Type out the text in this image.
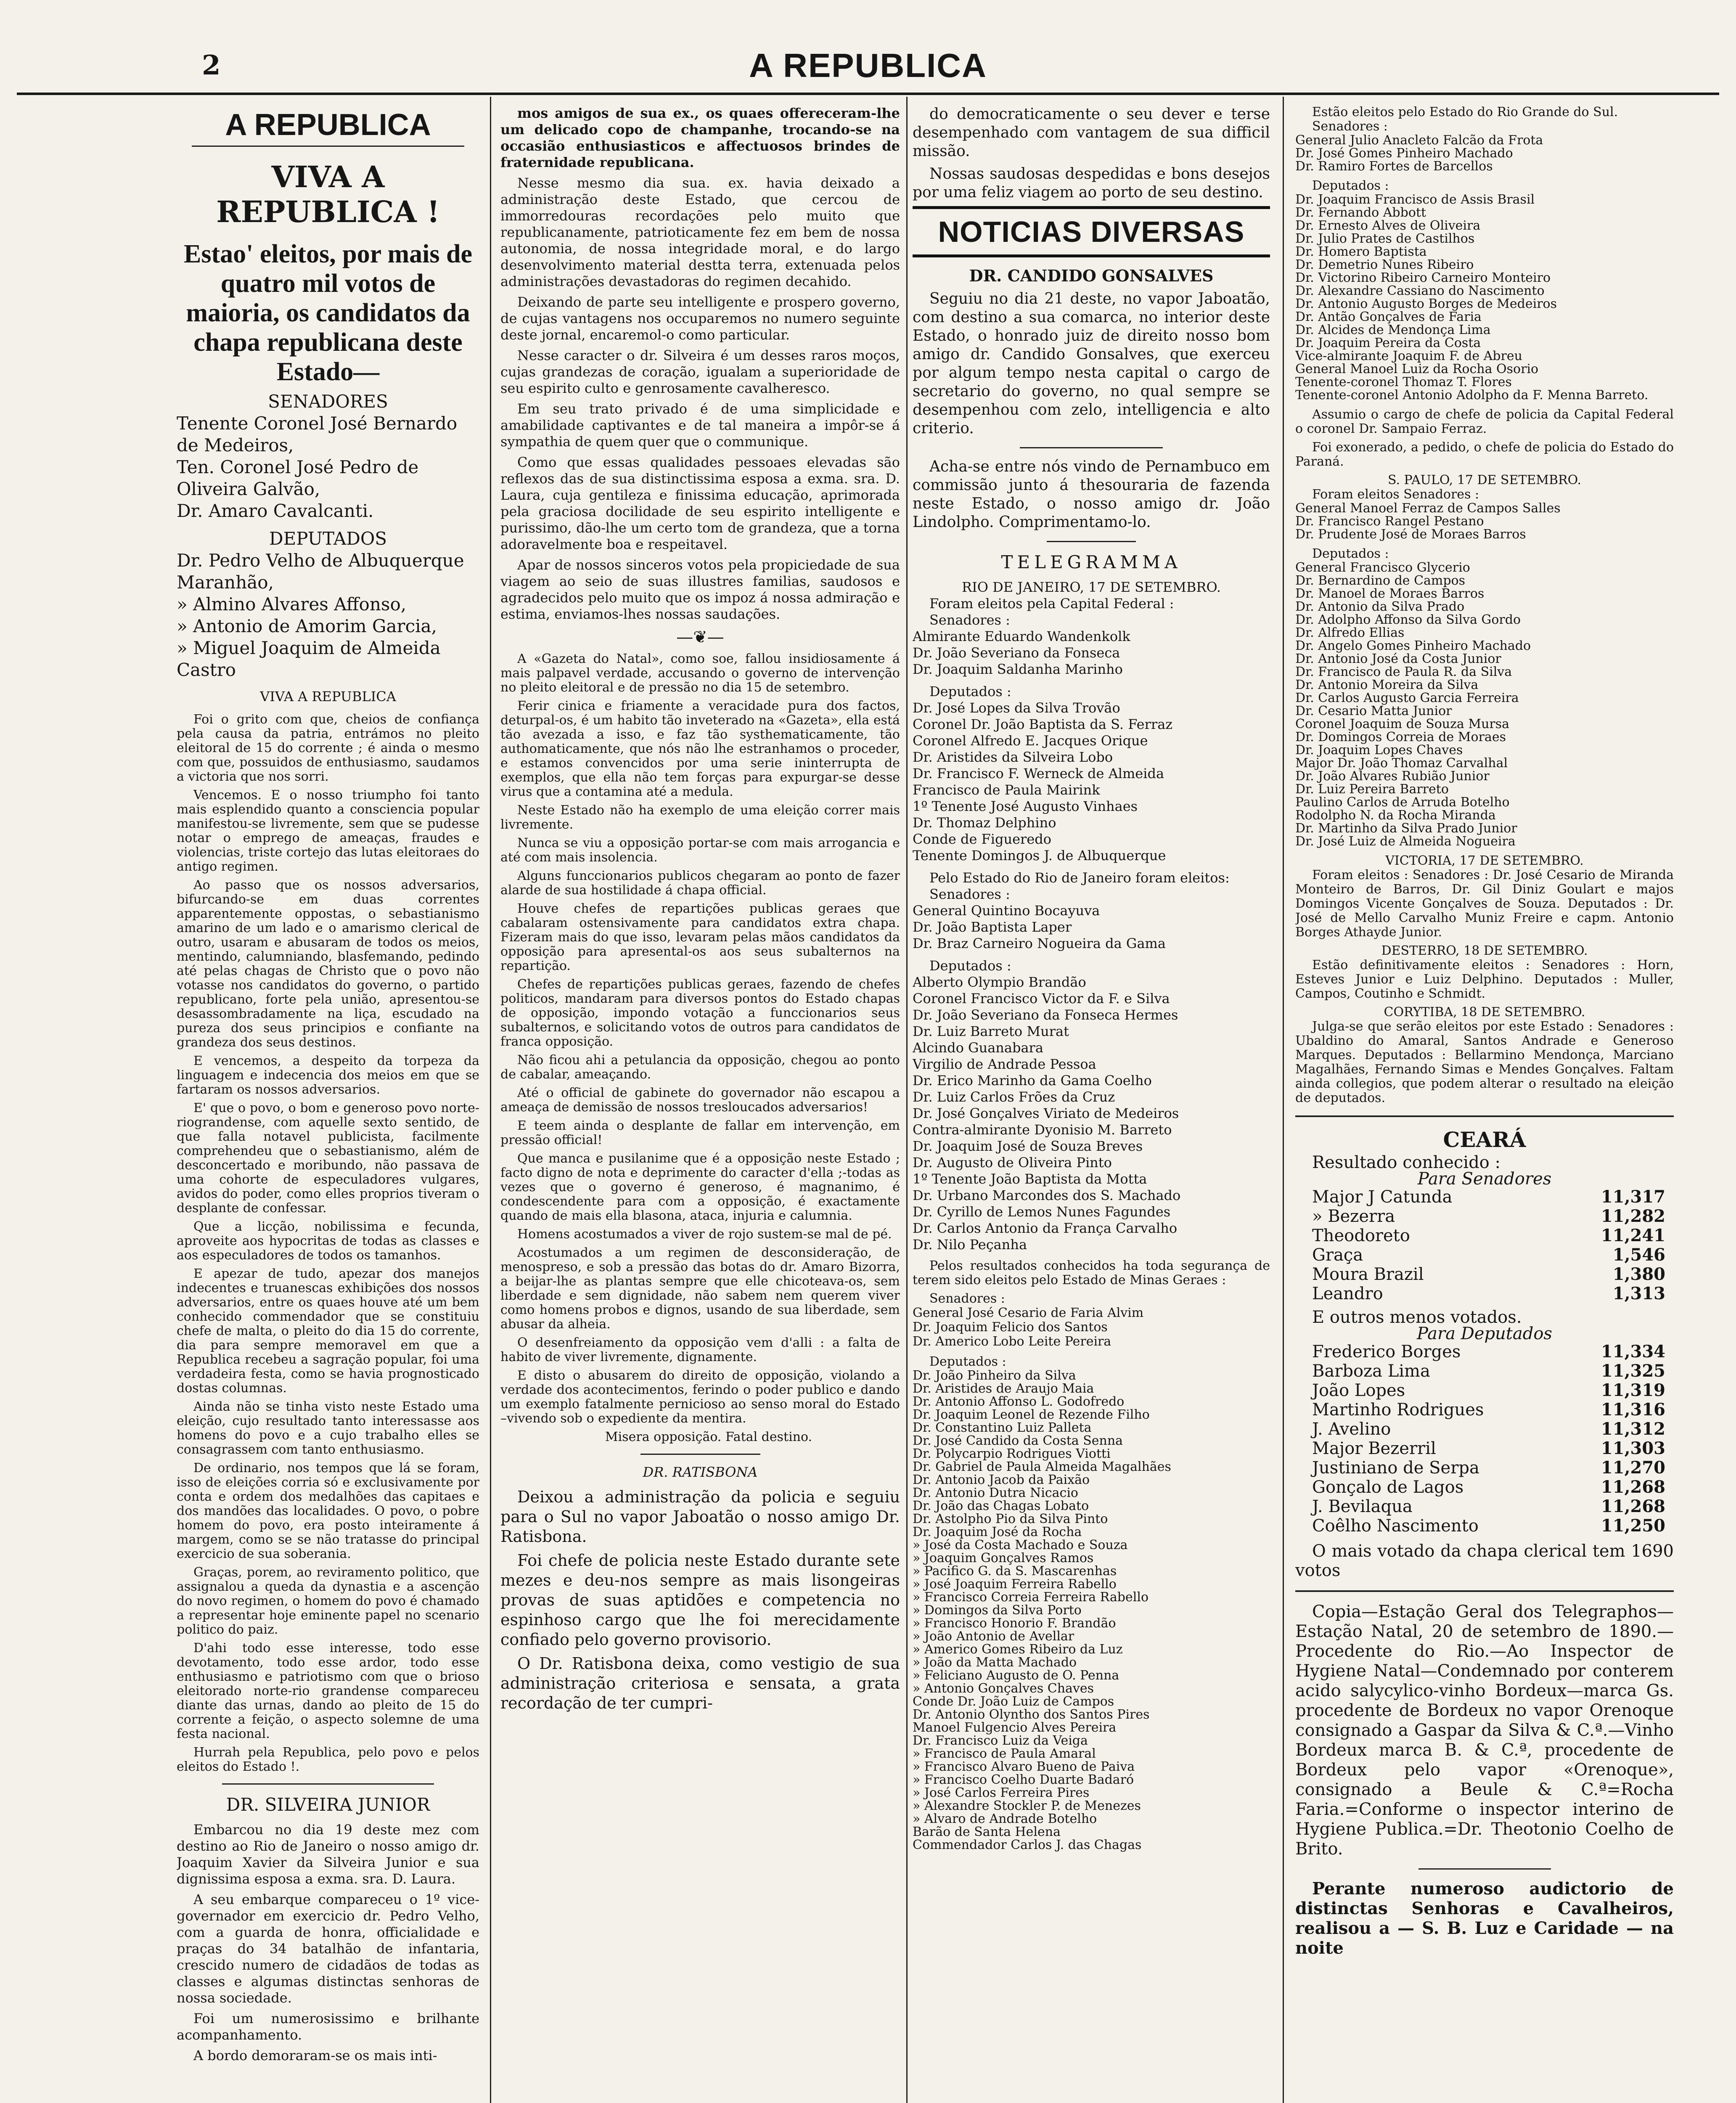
2	A REPUBLICA
A REPUBLICA
VIVA A REPUBLICA !

Estao' eleitos, por mais de quatro mil votos de maioria, os candidatos da chapa republicana deste Estado—

SENADORES
Tenente Coronel José Bernardo de Medeiros,
Ten. Coronel José Pedro de Oliveira Galvão,
Dr. Amaro Cavalcanti.
DEPUTADOS
Dr. Pedro Velho de Albuquerque Maranhão,
» Almino Alvares Affonso,
» Antonio de Amorim Garcia,
» Miguel Joaquim de Almeida Castro
VIVA A REPUBLICA

Foi o grito com que, cheios de confiança pela causa da patria, entrámos no pleito eleitoral de 15 do corrente ; é ainda o mesmo com que, possuidos de enthusiasmo, saudamos a victoria que nos sorri.

Vencemos. E o nosso triumpho foi tanto mais esplendido quanto a consciencia popular manifestou-se livremente, sem que se pudesse notar o emprego de ameaças, fraudes e violencias, triste cortejo das lutas eleitoraes do antigo regimen.

Ao passo que os nossos adversarios, bifurcando-se em duas correntes apparentemente oppostas, o sebastianismo amarino de um lado e o amarismo clerical de outro, usaram e abusaram de todos os meios, mentindo, calumniando, blasfemando, pedindo até pelas chagas de Christo que o povo não votasse nos candidatos do governo, o partido republicano, forte pela união, apresentou-se desassombradamente na liça, escudado na pureza dos seus principios e confiante na grandeza dos seus destinos.

E vencemos, a despeito da torpeza da linguagem e indecencia dos meios em que se fartaram os nossos adversarios.

E' que o povo, o bom e generoso povo norte-riograndense, com aquelle sexto sentido, de que falla notavel publicista, facilmente comprehendeu que o sebastianismo, além de desconcertado e moribundo, não passava de uma cohorte de especuladores vulgares, avidos do poder, como elles proprios tiveram o desplante de confessar.

Que a licção, nobilissima e fecunda, aproveite aos hypocritas de todas as classes e aos especuladores de todos os tamanhos.

E apezar de tudo, apezar dos manejos indecentes e truanescas exhibições dos nossos adversarios, entre os quaes houve até um bem conhecido commendador que se constituiu chefe de malta, o pleito do dia 15 do corrente, dia para sempre memoravel em que a Republica recebeu a sagração popular, foi uma verdadeira festa, como se havia prognosticado dostas columnas.

Ainda não se tinha visto neste Estado uma eleição, cujo resultado tanto interessasse aos homens do povo e a cujo trabalho elles se consagrassem com tanto enthusiasmo.

De ordinario, nos tempos que lá se foram, isso de eleições corria só e exclusivamente por conta e ordem dos medalhões das capitaes e dos mandões das localidades. O povo, o pobre homem do povo, era posto inteiramente á margem, como se se não tratasse do principal exercicio de sua soberania.

Graças, porem, ao reviramento politico, que assignalou a queda da dynastia e a ascenção do novo regimen, o homem do povo é chamado a representar hoje eminente papel no scenario politico do paiz.

D'ahi todo esse interesse, todo esse devotamento, todo esse ardor, todo esse enthusiasmo e patriotismo com que o brioso eleitorado norte-rio grandense compareceu diante das urnas, dando ao pleito de 15 do corrente a feição, o aspecto solemne de uma festa nacional.

Hurrah pela Republica, pelo povo e pelos eleitos do Estado !.

DR. SILVEIRA JUNIOR

Embarcou no dia 19 deste mez com destino ao Rio de Janeiro o nosso amigo dr. Joaquim Xavier da Silveira Junior e sua dignissima esposa a exma. sra. D. Laura.

A seu embarque compareceu o 1º vice-governador em exercicio dr. Pedro Velho, com a guarda de honra, officialidade e praças do 34 batalhão de infantaria, crescido numero de cidadãos de todas as classes e algumas distinctas senhoras de nossa sociedade.

Foi um numerosissimo e brilhante acompanhamento.

A bordo demoraram-se os mais inti-

mos amigos de sua ex., os quaes offereceram-lhe um delicado copo de champanhe, trocando-se na occasião enthusiasticos e affectuosos brindes de fraternidade republicana.

Nesse mesmo dia sua. ex. havia deixado a administração deste Estado, que cercou de immorredouras recordações pelo muito que republicanamente, patrioticamente fez em bem de nossa autonomia, de nossa integridade moral, e do largo desenvolvimento material destta terra, extenuada pelos administrações devastadoras do regimen decahido.

Deixando de parte seu intelligente e prospero governo, de cujas vantagens nos occuparemos no numero seguinte deste jornal, encaremol-o como particular.

Nesse caracter o dr. Silveira é um desses raros moços, cujas grandezas de coração, igualam a superioridade de seu espirito culto e genrosamente cavalheresco.

Em seu trato privado é de uma simplicidade e amabilidade captivantes e de tal maneira a impôr-se á sympathia de quem quer que o communique.

Como que essas qualidades pessoaes elevadas são reflexos das de sua distinctissima esposa a exma. sra. D. Laura, cuja gentileza e finissima educação, aprimorada pela graciosa docilidade de seu espirito intelligente e purissimo, dão-lhe um certo tom de grandeza, que a torna adoravelmente boa e respeitavel.

Apar de nossos sinceros votos pela propiciedade de sua viagem ao seio de suas illustres familias, saudosos e agradecidos pelo muito que os impoz á nossa admiração e estima, enviamos-lhes nossas saudações.

—❦—

A «Gazeta do Natal», como soe, fallou insidiosamente á mais palpavel verdade, accusando o governo de intervenção no pleito eleitoral e de pressão no dia 15 de setembro.

Ferir cinica e friamente a veracidade pura dos factos, deturpal-os, é um habito tão inveterado na «Gazeta», ella está tão avezada a isso, e faz tão systhematicamente, tão authomaticamente, que nós não lhe estranhamos o proceder, e estamos convencidos por uma serie ininterrupta de exemplos, que ella não tem forças para expurgar-se desse virus que a contamina até a medula.

Neste Estado não ha exemplo de uma eleição correr mais livremente.

Nunca se viu a opposição portar-se com mais arrogancia e até com mais insolencia.

Alguns funccionarios publicos chegaram ao ponto de fazer alarde de sua hostilidade á chapa official.

Houve chefes de repartições publicas geraes que cabalaram ostensivamente para candidatos extra chapa. Fizeram mais do que isso, levaram pelas mãos candidatos da opposição para apresental-os aos seus subalternos na repartição.

Chefes de repartições publicas geraes, fazendo de chefes politicos, mandaram para diversos pontos do Estado chapas de opposição, impondo votação a funccionarios seus subalternos, e solicitando votos de outros para candidatos de franca opposição.

Não ficou ahi a petulancia da opposição, chegou ao ponto de cabalar, ameaçando.

Até o official de gabinete do governador não escapou a ameaça de demissão de nossos tresloucados adversarios!

E teem ainda o desplante de fallar em intervenção, em pressão official!

Que manca e pusilanime que é a opposição neste Estado ; facto digno de nota e deprimente do caracter d'ella ;-todas as vezes que o governo é generoso, é magnanimo, é condescendente para com a opposição, é exactamente quando de mais ella blasona, ataca, injuria e calumnia.

Homens acostumados a viver de rojo sustem-se mal de pé.

Acostumados a um regimen de desconsideração, de menospreso, e sob a pressão das botas do dr. Amaro Bizorra, a beijar-lhe as plantas sempre que elle chicoteava-os, sem liberdade e sem dignidade, não sabem nem querem viver como homens probos e dignos, usando de sua liberdade, sem abusar da alheia.

O desenfreiamento da opposição vem d'alli : a falta de habito de viver livremente, dignamente.

E disto o abusarem do direito de opposição, violando a verdade dos acontecimentos, ferindo o poder publico e dando um exemplo fatalmente pernicioso ao senso moral do Estado –vivendo sob o expediente da mentira.

Misera opposição. Fatal destino.

DR. RATISBONA

Deixou a administração da policia e seguiu para o Sul no vapor Jaboatão o nosso amigo Dr. Ratisbona.

Foi chefe de policia neste Estado durante sete mezes e deu-nos sempre as mais lisongeiras provas de suas aptidões e competencia no espinhoso cargo que lhe foi merecidamente confiado pelo governo provisorio.

O Dr. Ratisbona deixa, como vestigio de sua administração criteriosa e sensata, a grata recordação de ter cumpri-

do democraticamente o seu dever e terse desempenhado com vantagem de sua difficil missão.

Nossas saudosas despedidas e bons desejos por uma feliz viagem ao porto de seu destino.

NOTICIAS DIVERSAS
DR. CANDIDO GONSALVES

Seguiu no dia 21 deste, no vapor Jaboatão, com destino a sua comarca, no interior deste Estado, o honrado juiz de direito nosso bom amigo dr. Candido Gonsalves, que exerceu por algum tempo nesta capital o cargo de secretario do governo, no qual sempre se desempenhou com zelo, intelligencia e alto criterio.

Acha-se entre nós vindo de Pernambuco em commissão junto á thesouraria de fazenda neste Estado, o nosso amigo dr. João Lindolpho. Comprimentamo-lo.

TELEGRAMMA
RIO DE JANEIRO, 17 DE SETEMBRO.
Foram eleitos pela Capital Federal :
Senadores :
Almirante Eduardo Wandenkolk
Dr. João Severiano da Fonseca
Dr. Joaquim Saldanha Marinho
Deputados :
Dr. José Lopes da Silva Trovão
Coronel Dr. João Baptista da S. Ferraz
Coronel Alfredo E. Jacques Orique
Dr. Aristides da Silveira Lobo
Dr. Francisco F. Werneck de Almeida
Francisco de Paula Mairink
1º Tenente José Augusto Vinhaes
Dr. Thomaz Delphino
Conde de Figueredo
Tenente Domingos J. de Albuquerque
Pelo Estado do Rio de Janeiro foram eleitos:
Senadores :
General Quintino Bocayuva
Dr. João Baptista Laper
Dr. Braz Carneiro Nogueira da Gama
Deputados :
Alberto Olympio Brandão
Coronel Francisco Victor da F. e Silva
Dr. João Severiano da Fonseca Hermes
Dr. Luiz Barreto Murat
Alcindo Guanabara
Virgilio de Andrade Pessoa
Dr. Erico Marinho da Gama Coelho
Dr. Luiz Carlos Frões da Cruz
Dr. José Gonçalves Viriato de Medeiros
Contra-almirante Dyonisio M. Barreto
Dr. Joaquim José de Souza Breves
Dr. Augusto de Oliveira Pinto
1º Tenente João Baptista da Motta
Dr. Urbano Marcondes dos S. Machado
Dr. Cyrillo de Lemos Nunes Fagundes
Dr. Carlos Antonio da França Carvalho
Dr. Nilo Peçanha

Pelos resultados conhecidos ha toda segurança de terem sido eleitos pelo Estado de Minas Geraes :

Senadores :
General José Cesario de Faria Alvim
Dr. Joaquim Felicio dos Santos
Dr. Americo Lobo Leite Pereira
Deputados :
Dr. João Pinheiro da Silva
Dr. Aristides de Araujo Maia
Dr. Antonio Affonso L. Godofredo
Dr. Joaquim Leonel de Rezende Filho
Dr. Constantino Luiz Palleta
Dr. José Candido da Costa Senna
Dr. Polycarpio Rodrigues Viotti
Dr. Gabriel de Paula Almeida Magalhães
Dr. Antonio Jacob da Paixão
Dr. Antonio Dutra Nicacio
Dr. João das Chagas Lobato
Dr. Astolpho Pio da Silva Pinto
Dr. Joaquim José da Rocha
» José da Costa Machado e Souza
» Joaquim Gonçalves Ramos
» Pacifico G. da S. Mascarenhas
» José Joaquim Ferreira Rabello
» Francisco Correia Ferreira Rabello
» Domingos da Silva Porto
» Francisco Honorio F. Brandão
» João Antonio de Avellar
» Americo Gomes Ribeiro da Luz
» João da Matta Machado
» Feliciano Augusto de O. Penna
» Antonio Gonçalves Chaves
Conde Dr. João Luiz de Campos
Dr. Antonio Olyntho dos Santos Pires
Manoel Fulgencio Alves Pereira
Dr. Francisco Luiz da Veiga
» Francisco de Paula Amaral
» Francisco Alvaro Bueno de Paiva
» Francisco Coelho Duarte Badaró
» José Carlos Ferreira Pires
» Alexandre Stockler P. de Menezes
» Alvaro de Andrade Botelho
Barão de Santa Helena
Commendador Carlos J. das Chagas
Estão eleitos pelo Estado do Rio Grande do Sul.
Senadores :
General Julio Anacleto Falcão da Frota
Dr. José Gomes Pinheiro Machado
Dr. Ramiro Fortes de Barcellos
Deputados :
Dr. Joaquim Francisco de Assis Brasil
Dr. Fernando Abbott
Dr. Ernesto Alves de Oliveira
Dr. Julio Prates de Castilhos
Dr. Homero Baptista
Dr. Demetrio Nunes Ribeiro
Dr. Victorino Ribeiro Carneiro Monteiro
Dr. Alexandre Cassiano do Nascimento
Dr. Antonio Augusto Borges de Medeiros
Dr. Antão Gonçalves de Faria
Dr. Alcides de Mendonça Lima
Dr. Joaquim Pereira da Costa
Vice-almirante Joaquim F. de Abreu
General Manoel Luiz da Rocha Osorio
Tenente-coronel Thomaz T. Flores
Tenente-coronel Antonio Adolpho da F. Menna Barreto.

Assumio o cargo de chefe de policia da Capital Federal o coronel Dr. Sampaio Ferraz.

Foi exonerado, a pedido, o chefe de policia do Estado do Paraná.

S. PAULO, 17 DE SETEMBRO.
Foram eleitos Senadores :
General Manoel Ferraz de Campos Salles
Dr. Francisco Rangel Pestano
Dr. Prudente José de Moraes Barros
Deputados :
General Francisco Glycerio
Dr. Bernardino de Campos
Dr. Manoel de Moraes Barros
Dr. Antonio da Silva Prado
Dr. Adolpho Affonso da Silva Gordo
Dr. Alfredo Ellias
Dr. Angelo Gomes Pinheiro Machado
Dr. Antonio José da Costa Junior
Dr. Francisco de Paula R. da Silva
Dr. Antonio Moreira da Silva
Dr. Carlos Augusto Garcia Ferreira
Dr. Cesario Matta Junior
Coronel Joaquim de Souza Mursa
Dr. Domingos Correia de Moraes
Dr. Joaquim Lopes Chaves
Major Dr. João Thomaz Carvalhal
Dr. João Alvares Rubião Junior
Dr. Luiz Pereira Barreto
Paulino Carlos de Arruda Botelho
Rodolpho N. da Rocha Miranda
Dr. Martinho da Silva Prado Junior
Dr. José Luiz de Almeida Nogueira
VICTORIA, 17 DE SETEMBRO.

Foram eleitos : Senadores : Dr. José Cesario de Miranda Monteiro de Barros, Dr. Gil Diniz Goulart e majos Domingos Vicente Gonçalves de Souza. Deputados : Dr. José de Mello Carvalho Muniz Freire e capm. Antonio Borges Athayde Junior.

DESTERRO, 18 DE SETEMBRO.

Estão definitivamente eleitos : Senadores : Horn, Esteves Junior e Luiz Delphino. Deputados : Muller, Campos, Coutinho e Schmidt.

CORYTIBA, 18 DE SETEMBRO.

Julga-se que serão eleitos por este Estado : Senadores : Ubaldino do Amaral, Santos Andrade e Generoso Marques. Deputados : Bellarmino Mendonça, Marciano Magalhães, Fernando Simas e Mendes Gonçalves. Faltam ainda collegios, que podem alterar o resultado na eleição de deputados.

CEARÁ
Resultado conhecido :
Para Senadores
Major J Catunda	11,317
» Bezerra	11,282
Theodoreto	11,241
Graça	1,546
Moura Brazil	1,380
Leandro	1,313
E outros menos votados.
Para Deputados
Frederico Borges	11,334
Barboza Lima	11,325
João Lopes	11,319
Martinho Rodrigues	11,316
J. Avelino	11,312
Major Bezerril	11,303
Justiniano de Serpa	11,270
Gonçalo de Lagos	11,268
J. Bevilaqua	11,268
Coêlho Nascimento	11,250

O mais votado da chapa clerical tem 1690 votos

Copia—Estação Geral dos Telegraphos—Estação Natal, 20 de setembro de 1890.—Procedente do Rio.—Ao Inspector de Hygiene Natal—Condemnado por conterem acido salycylico-vinho Bordeux—marca Gs. procedente de Bordeux no vapor Orenoque consignado a Gaspar da Silva & C.ª.—Vinho Bordeux marca B. & C.ª, procedente de Bordeux pelo vapor «Orenoque», consignado a Beule & C.ª=Rocha Faria.=Conforme o inspector interino de Hygiene Publica.=Dr. Theotonio Coelho de Brito.

Perante numeroso audictorio de distinctas Senhoras e Cavalheiros, realisou a — S. B. Luz e Caridade — na noite
